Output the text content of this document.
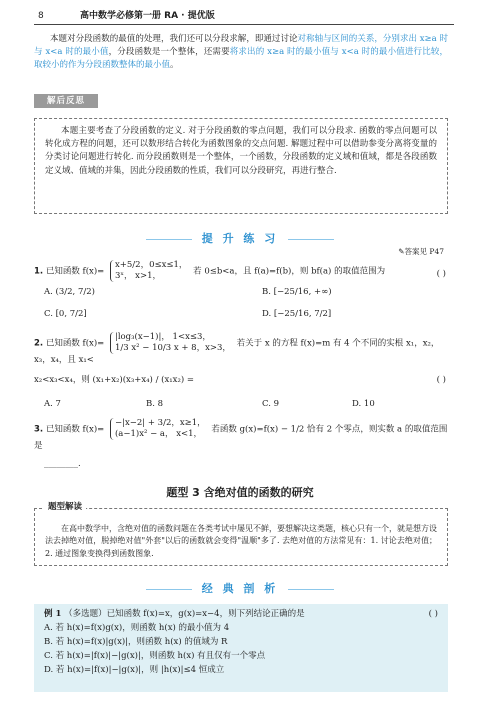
8	高中数学必修第一册 RA · 提优版
本题对分段函数的最值的处理，我们还可以分段求解，即通过讨论对称轴与区间的关系，分别求出 x≥a 时与 x<a 时的最小值，分段函数是一个整体，还需要将求出的 x≥a 时的最小值与 x<a 时的最小值进行比较，取较小的作为分段函数整体的最小值。
解后反思
本题主要考查了分段函数的定义. 对于分段函数的零点问题，我们可以分段求. 函数的零点问题可以转化成方程的问题，还可以数形结合转化为函数图象的交点问题. 解题过程中可以借助参变分离将变量的分类讨论问题进行转化. 而分段函数则是一个整体，一个函数，分段函数的定义域和值域，都是各段函数定义域、值域的并集，因此分段函数的性质，我们可以分段研究，再进行整合.
提 升 练 习
✎答案见 P47
1. 已知函数 f(x)=
x+5/2，0≤x≤1，
3ˣ， x>1，	若 0≤b<a，且 f(a)=f(b)，则 bf(a) 的取值范围为	( )
A. (3/2, 7/2)	B. [−25/16, +∞)
C. [0, 7/2]	D. [−25/16, 7/2]
2. 已知函数 f(x)=
|log₃(x−1)|， 1<x≤3，
1/3 x² − 10/3 x + 8，x>3， 若关于 x 的方程 f(x)=m 有 4 个不同的实根 x₁，x₂，x₃，x₄，且 x₁<
x₂<x₃<x₄，则 (x₁+x₂)(x₃+x₄) / (x₁x₂) =	( )
A. 7	B. 8	C. 9	D. 10
3. 已知函数 f(x)=
−|x−2| + 3/2，x≥1，
(a−1)x² − a， x<1，	若函数 g(x)=f(x) − 1/2 恰有 2 个零点，则实数 a 的取值范围是
________.
题型 3 含绝对值的函数的研究
在高中数学中，含绝对值的函数问题在各类考试中屡见不鲜，要想解决这类题，核心只有一个，就是想方设法去掉绝对值，脱掉绝对值"外套"以后的函数就会变得"温顺"多了. 去绝对值的方法常见有：1. 讨论去绝对值；2. 通过图象变换得到函数图象.
题型解读
经 典 剖 析
例 1 （多选题）已知函数 f(x)=x，g(x)=x−4，则下列结论正确的是	( )
A. 若 h(x)=f(x)g(x)，则函数 h(x) 的最小值为 4
B. 若 h(x)=f(x)|g(x)|，则函数 h(x) 的值域为 R
C. 若 h(x)=|f(x)|−|g(x)|，则函数 h(x) 有且仅有一个零点
D. 若 h(x)=|f(x)|−|g(x)|，则 |h(x)|≤4 恒成立
